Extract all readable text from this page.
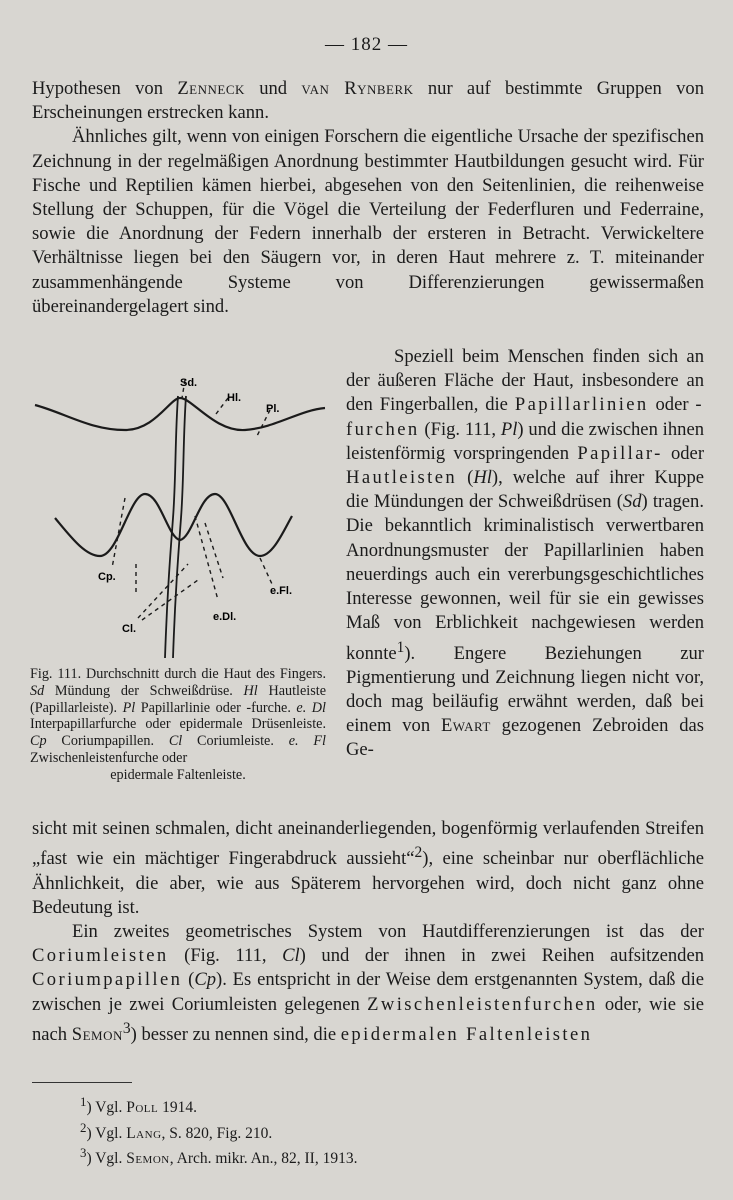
— 182 —

Hypothesen von Zenneck und van Rynberk nur auf bestimmte Gruppen von Erscheinungen erstrecken kann.

Ähnliches gilt, wenn von einigen Forschern die eigentliche Ursache der spezifischen Zeichnung in der regelmäßigen Anordnung bestimmter Hautbildungen gesucht wird. Für Fische und Reptilien kämen hierbei, abgesehen von den Seitenlinien, die reihenweise Stellung der Schuppen, für die Vögel die Verteilung der Federfluren und Federraine, sowie die Anordnung der Federn innerhalb der ersteren in Betracht. Verwickeltere Verhältnisse liegen bei den Säugern vor, in deren Haut mehrere z. T. miteinander zusammenhängende Systeme von Differenzierungen gewissermaßen übereinandergelagert sind.

Sd.
Hl.
Pl.
Cp.
Cl.
e.Dl.
e.Fl.
Fig. 111. Durchschnitt durch die Haut des Fingers. Sd Mündung der Schweißdrüse. Hl Hautleiste (Papillarleiste). Pl Papillarlinie oder -furche. e. Dl Interpapillarfurche oder epidermale Drüsenleiste. Cp Coriumpapillen. Cl Coriumleiste. e. Fl Zwischenleistenfurche oder
epidermale Faltenleiste.

Speziell beim Menschen finden sich an der äußeren Fläche der Haut, insbesondere an den Fingerballen, die Papillarlinien oder -furchen (Fig. 111, Pl) und die zwischen ihnen leistenförmig vorspringenden Papillar- oder Hautleisten (Hl), welche auf ihrer Kuppe die Mündungen der Schweißdrüsen (Sd) tragen. Die bekanntlich kriminalistisch verwertbaren Anordnungsmuster der Papillarlinien haben neuerdings auch ein vererbungsgeschichtliches Interesse gewonnen, weil für sie ein gewisses Maß von Erblichkeit nachgewiesen werden konnte$^1$). Engere Beziehungen zur Pigmentierung und Zeichnung liegen nicht vor, doch mag beiläufig erwähnt werden, daß bei einem von Ewart gezogenen Zebroiden das Ge-

sicht mit seinen schmalen, dicht aneinanderliegenden, bogenförmig verlaufenden Streifen „fast wie ein mächtiger Fingerabdruck aussieht“$^2$), eine scheinbar nur oberflächliche Ähnlichkeit, die aber, wie aus Späterem hervorgehen wird, doch nicht ganz ohne Bedeutung ist.

Ein zweites geometrisches System von Hautdifferenzierungen ist das der Coriumleisten (Fig. 111, Cl) und der ihnen in zwei Reihen aufsitzenden Coriumpapillen (Cp). Es entspricht in der Weise dem erstgenannten System, daß die zwischen je zwei Coriumleisten gelegenen Zwischenleistenfurchen oder, wie sie nach Semon$^3$) besser zu nennen sind, die epidermalen Faltenleisten

$^1$) Vgl. Poll 1914.
$^2$) Vgl. Lang, S. 820, Fig. 210.
$^3$) Vgl. Semon, Arch. mikr. An., 82, II, 1913.
